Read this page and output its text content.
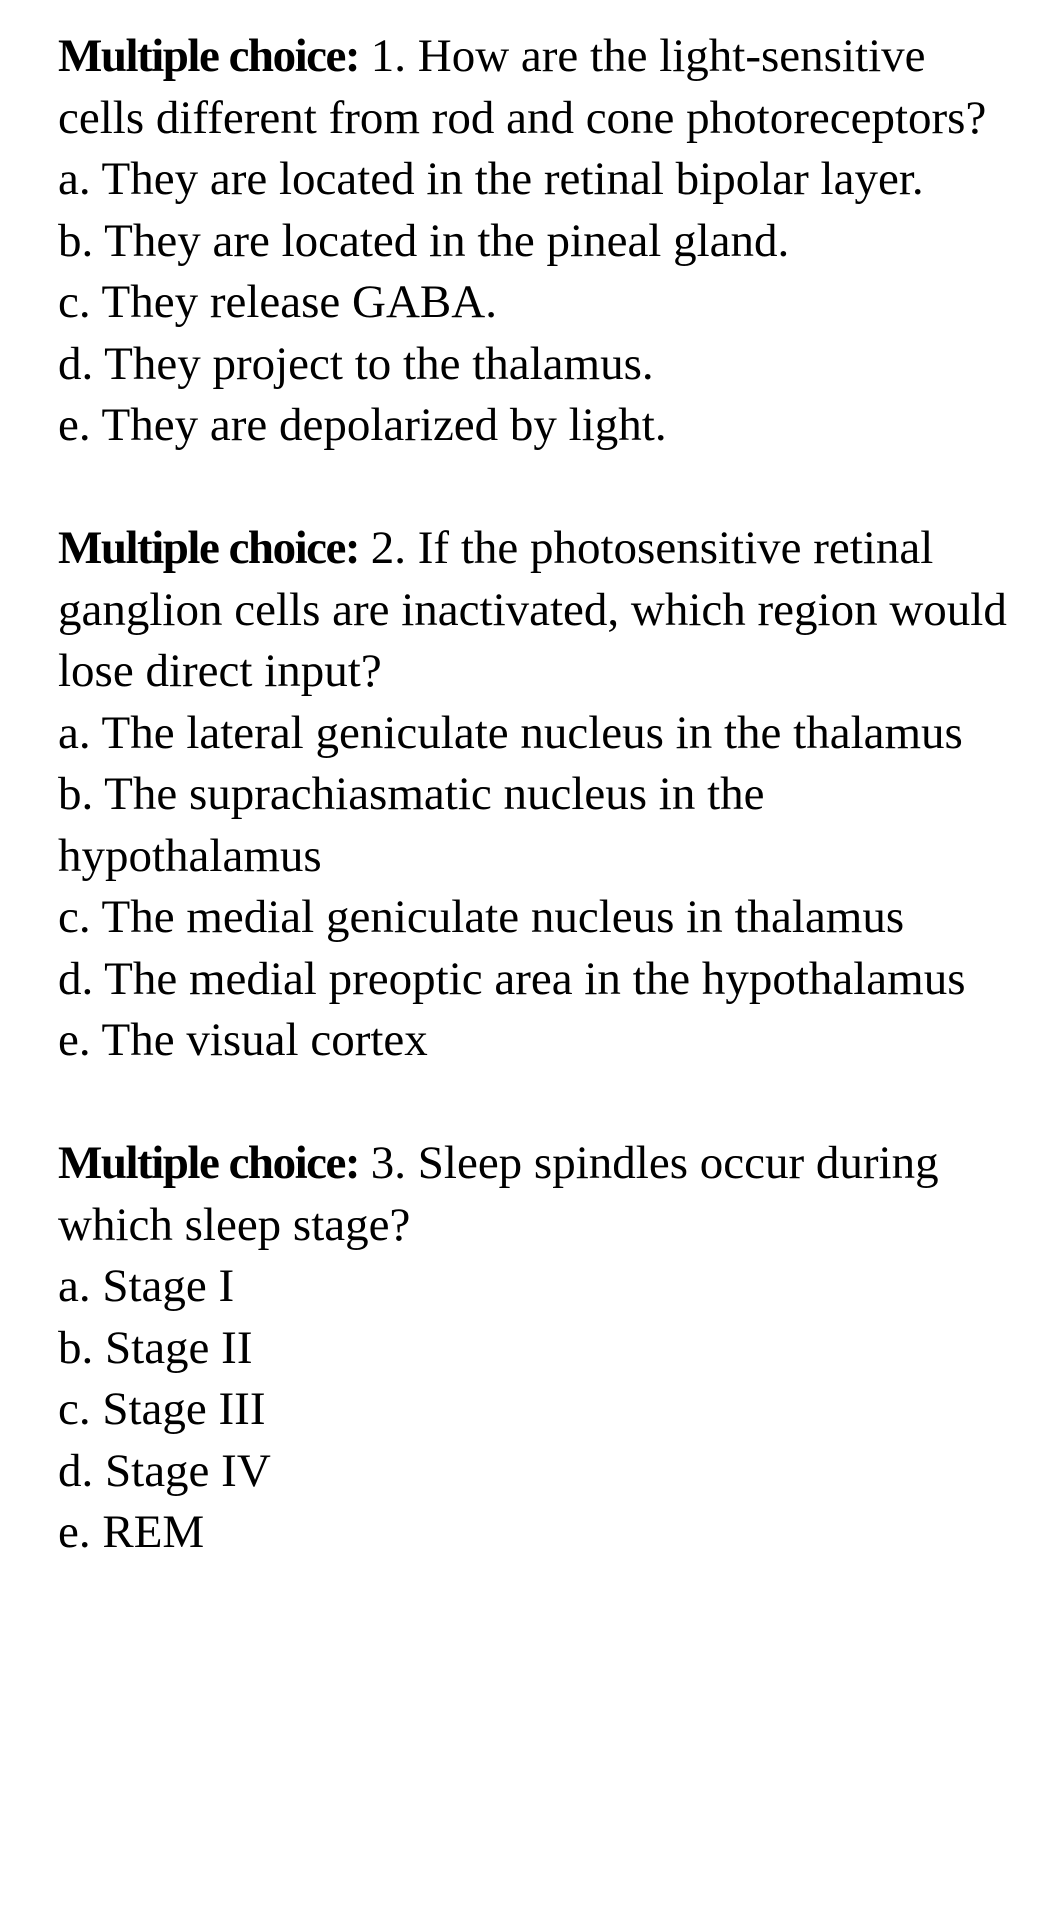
Multiple choice: 1. How are the light-sensitive cells different from rod and cone photoreceptors?
a. They are located in the retinal bipolar layer.
b. They are located in the pineal gland.
c. They release GABA.
d. They project to the thalamus.
e. They are depolarized by light.
Multiple choice: 2. If the photosensitive retinal ganglion cells are inactivated, which region would lose direct input?
a. The lateral geniculate nucleus in the thalamus
b. The suprachiasmatic nucleus in the hypothalamus
c. The medial geniculate nucleus in thalamus
d. The medial preoptic area in the hypothalamus
e. The visual cortex
Multiple choice: 3. Sleep spindles occur during which sleep stage?
a. Stage I
b. Stage II
c. Stage III
d. Stage IV
e. REM
